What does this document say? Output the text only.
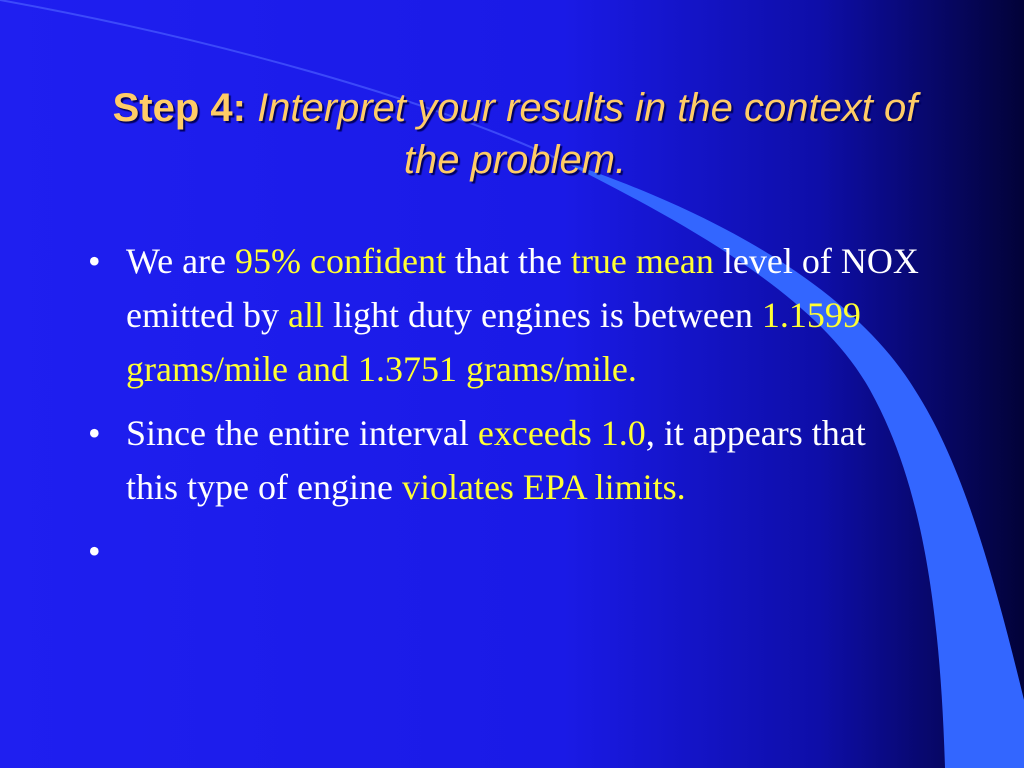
Step 4: Interpret your results in the context of the problem.
• We are 95% confident that the true mean level of NOX emitted by all light duty engines is between 1.1599 grams/mile and 1.3751 grams/mile.
• Since the entire interval exceeds 1.0, it appears that this type of engine violates EPA limits.
•
